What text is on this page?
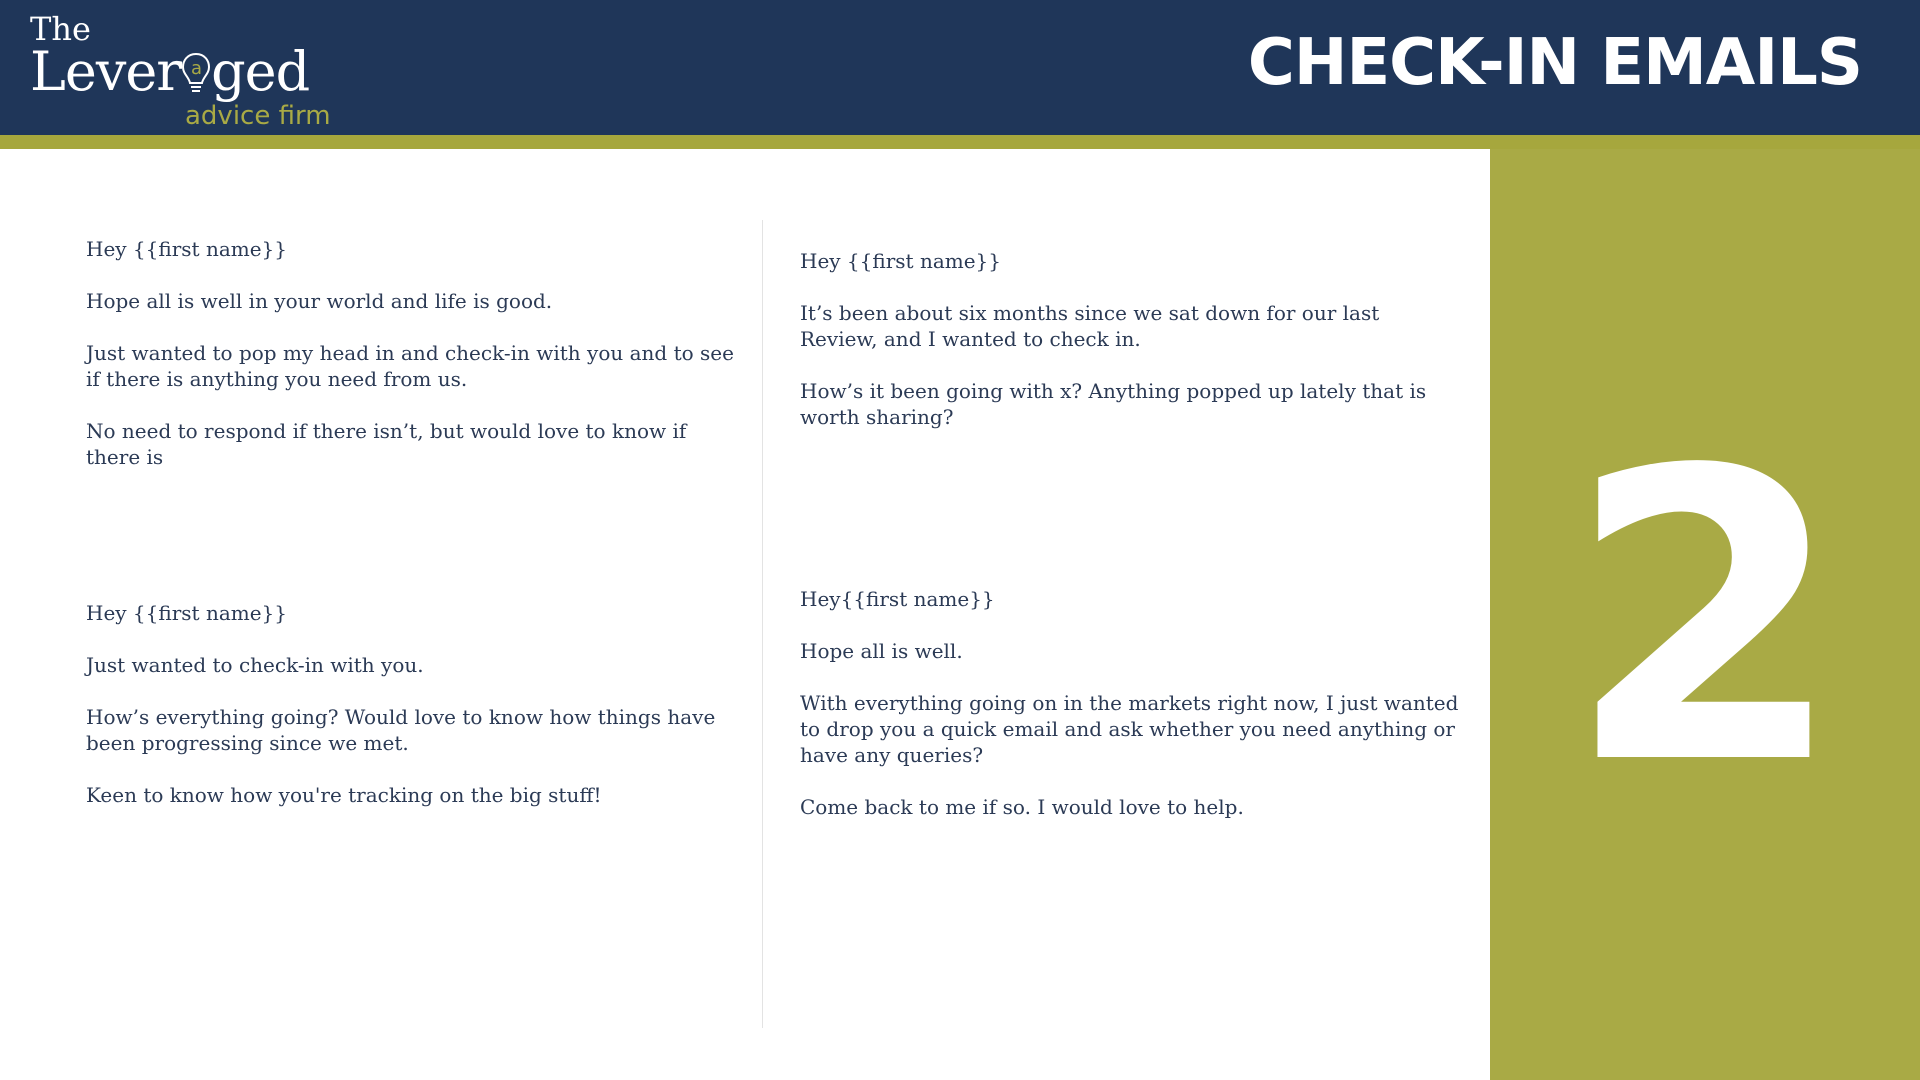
The
Lever a ged
advice firm
CHECK-IN EMAILS

Hey {{first name}}

Hope all is well in your world and life is good.

Just wanted to pop my head in and check-in with you and to see if there is anything you need from us.

No need to respond if there isn’t, but would love to know if there is

Hey {{first name}}

It’s been about six months since we sat down for our last Review, and I wanted to check in.

How’s it been going with x? Anything popped up lately that is worth sharing?

Hey {{first name}}

Just wanted to check-in with you.

How’s everything going? Would love to know how things have been progressing since we met.

Keen to know how you're tracking on the big stuff!

Hey{{first name}}

Hope all is well.

With everything going on in the markets right now, I just wanted to drop you a quick email and ask whether you need anything or have any queries?

Come back to me if so. I would love to help. 2
